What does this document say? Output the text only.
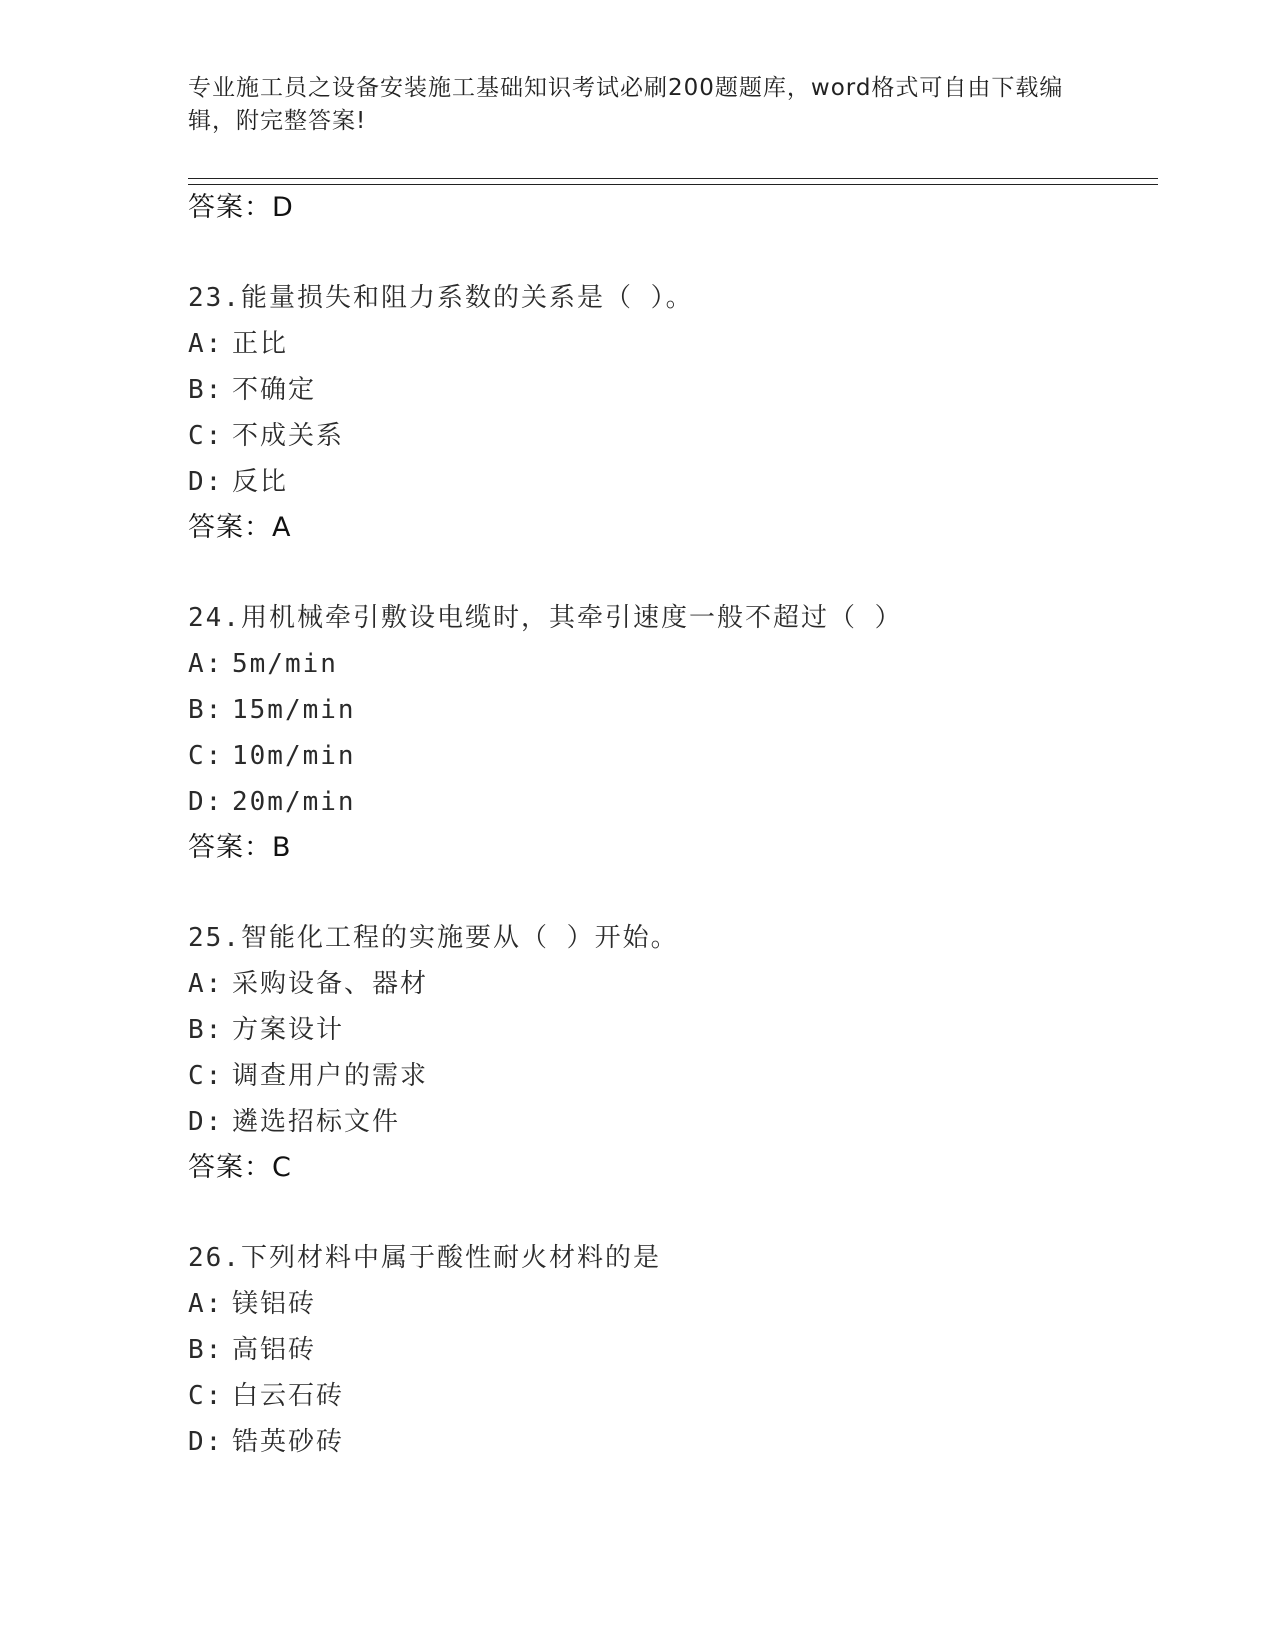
专业施工员之设备安装施工基础知识考试必刷200题题库，word格式可自由下载编辑，附完整答案!
答案：D
23.能量损失和阻力系数的关系是（ ）。
A: 正比
B: 不确定
C: 不成关系
D: 反比
答案：A
24.用机械牵引敷设电缆时，其牵引速度一般不超过（ ）
A: 5m/min
B: 15m/min
C: 10m/min
D: 20m/min
答案：B
25.智能化工程的实施要从（ ）开始。
A: 采购设备、器材
B: 方案设计
C: 调查用户的需求
D: 遴选招标文件
答案：C
26.下列材料中属于酸性耐火材料的是
A: 镁铝砖
B: 高铝砖
C: 白云石砖
D: 锆英砂砖
